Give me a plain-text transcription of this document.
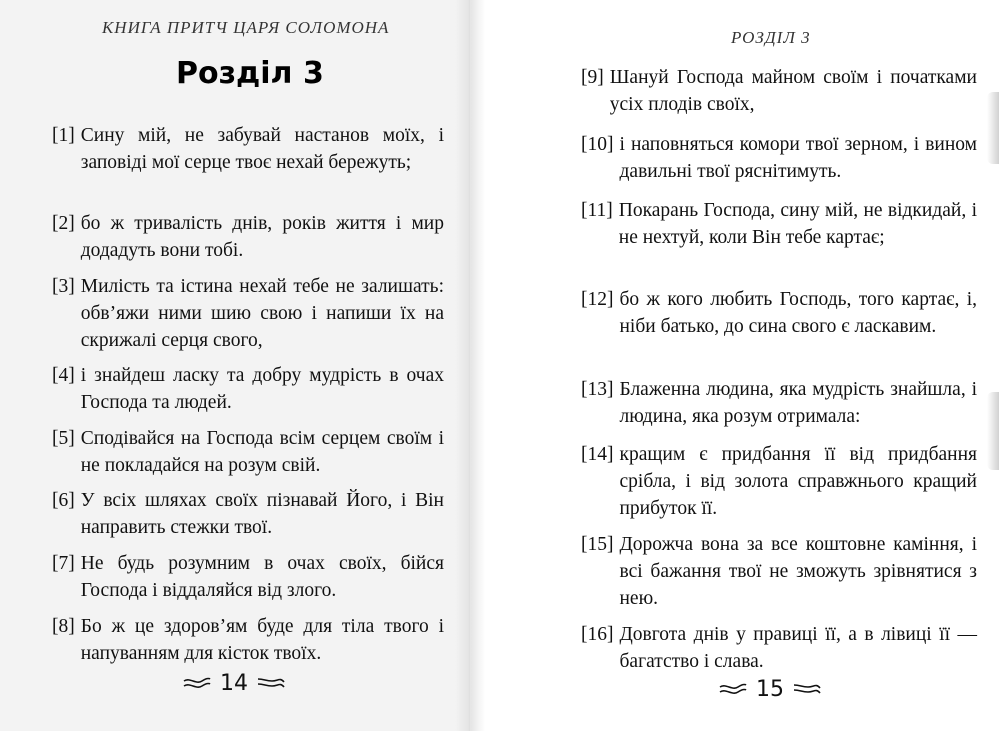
КНИГА ПРИТЧ ЦАРЯ СОЛОМОНА
Розділ 3
[1] Сину мій, не забувай настанов моїх, і заповіді мої серце твоє нехай бережуть;
[2] бо ж тривалість днів, років життя і мир додадуть вони тобі.
[3] Милість та істина нехай тебе не залишать: обв’яжи ними шию свою і напиши їх на скрижалі серця свого,
[4] і знайдеш ласку та добру мудрість в очах Господа та людей.
[5] Сподівайся на Господа всім серцем своїм і не покладайся на розум свій.
[6] У всіх шляхах своїх пізнавай Його, і Він направить стежки твої.
[7] Не будь розумним в очах своїх, бійся Господа і віддаляйся від злого.
[8] Бо ж це здоров’ям буде для тіла твого і напуванням для кісток твоїх.
14
РОЗДІЛ 3
[9] Шануй Господа майном своїм і початками усіх плодів своїх,
[10] і наповняться комори твої зерном, і вином давильні твої ряснітимуть.
[11] Покарань Господа, сину мій, не відкидай, і не нехтуй, коли Він тебе картає;
[12] бо ж кого любить Господь, того картає, і, ніби батько, до сина свого є ласкавим.
[13] Блаженна людина, яка мудрість знайшла, і людина, яка розум отримала:
[14] кращим є придбання її від придбання срібла, і від золота справжнього кращий прибуток її.
[15] Дорожча вона за все коштовне каміння, і всі бажання твої не зможуть зрівнятися з нею.
[16] Довгота днів у правиці її, а в лівиці її — багатство і слава.
15
